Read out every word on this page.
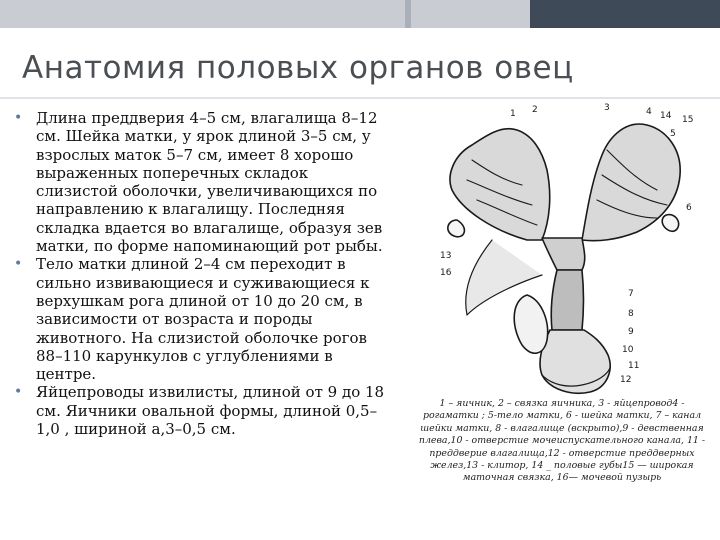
Анатомия половых органов овец
• Длина преддверия 4–5 см, влагалища 8–12 см. Шейка матки, у ярок длиной 3–5 см, у взрослых маток 5–7 см, имеет 8 хорошо выраженных поперечных складок слизистой оболочки, увеличивающихся по направлению к влагалищу. Последняя складка вдается во влагалище, образуя зев матки, по форме напоминающий рот рыбы.
• Тело матки длиной 2–4 см переходит в сильно извивающиеся и суживающиеся к верхушкам рога длиной от 10 до 20 см, в зависимости от возраста и породы животного. На слизистой оболочке рогов 88–110 карункулов с углублениями в центре.
• Яйцепроводы извилисты, длиной от 9 до 18 см. Яичники овальной формы, длиной 0,5–1,0 , шириной а,3–0,5 см.
1 2	3	4
5
6
7
8
9
10
11
12
13
14 15
16

1 – яичник, 2 – связка яичника, 3 - яйцепровод4 - рогаматки ; 5-тело матки, 6 - шейка матки, 7 – канал шейки матки, 8 - влагалище (вскрыто),9 - девственная плева,10 - отверстие мочеиспускательного канала, 11 - преддверие влагалища,12 - отверстие преддверных желез,13 - клитор, 14 _ половые губы15 — широкая маточная связка, 16— мочевой пузырь
